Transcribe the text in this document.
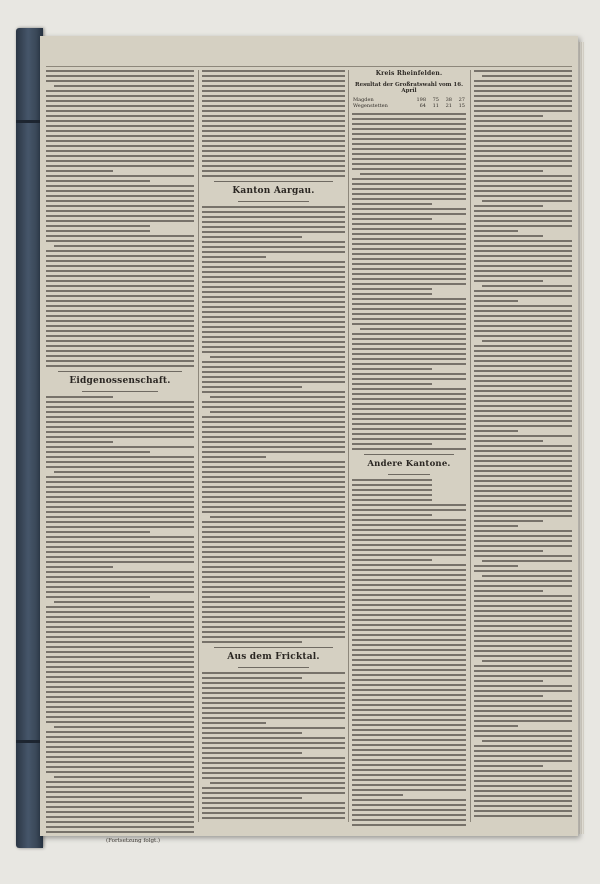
Eidgenossenschaft.
(Fortsetzung folgt.)
Kanton Aargau.
Aus dem Fricktal.
Kreis Rheinfelden.
Resultat der Großratswahl vom 16. April
Magden	198	75	38	27
Wegenstetten	64	11	21	15
Andere Kantone.
